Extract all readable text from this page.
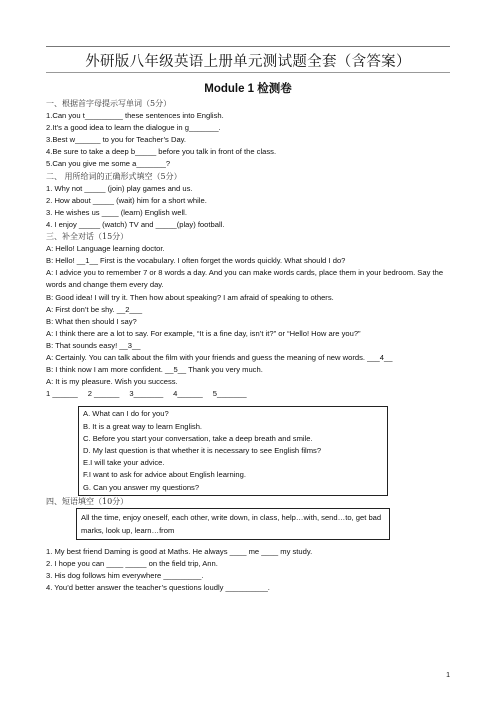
外研版八年级英语上册单元测试题全套（含答案）
Module 1 检测卷
一、根据首字母提示写单词（5分）
1.Can you t_________ these sentences into English.
2.It’s a good idea to learn the dialogue in g_______.
3.Best w______ to you for Teacher’s Day.
4.Be sure to take a deep b_____ before you talk in front of the class.
5.Can you give me some a_______?
二、 用所给词的正确形式填空（5分）
1. Why not _____ (join) play games and us.
2. How about _____ (wait) him for a short while.
3. He wishes us ____ (learn) English well.
4. I enjoy _____ (watch) TV and _____(play) football.
三、补全对话（15分）
A: Hello! Language learning doctor.
B: Hello! __1__ First is the vocabulary. I often forget the words quickly. What should I do?
A: I advice you to remember 7 or 8 words a day. And you can make words cards, place them in your bedroom. Say the words and change them every day.
B: Good idea! I will try it. Then how about speaking? I am afraid of speaking to others.
A: First don’t be shy. __2___
B: What then should I say?
A: I think there are a lot to say. For example, “It is a fine day, isn’t it?” or “Hello! How are you?”
B: That sounds easy! __3__
A: Certainly. You can talk about the film with your friends and guess the meaning of new words. ___4__
B: I think now I am more confident. __5__ Thank you very much.
A: It is my pleasure. Wish you success.
1 ______ 2 ______ 3_______ 4______ 5_______
A. What can I do for you?
B. It is a great way to learn English.
C. Before you start your conversation, take a deep breath and smile.
D. My last question is that whether it is necessary to see English films?
E.I will take your advice.
F.I want to ask for advice about English learning.
G. Can you answer my questions?
四、短语填空（10分）
All the time, enjoy oneself, each other, write down, in class, help…with, send…to, get bad marks, look up, learn…from
1. My best friend Daming is good at Maths. He always ____ me ____ my study.
2. I hope you can ____ _____ on the field trip, Ann.
3. His dog follows him everywhere _________.
4. You’d better answer the teacher’s questions loudly __________.
1
